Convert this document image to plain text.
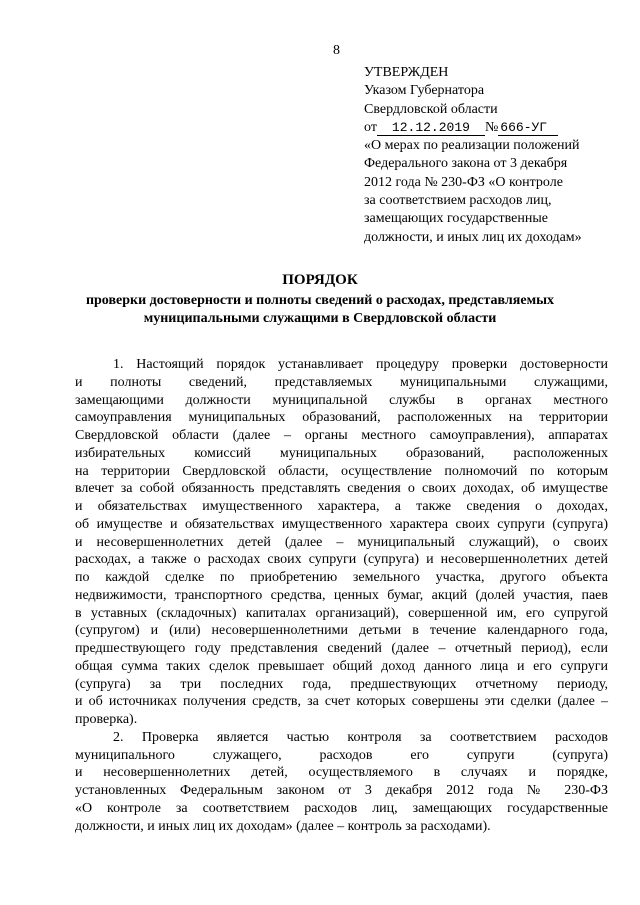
8
УТВЕРЖДЕН
Указом Губернатора
Свердловской области
от 12.12.2019 № 666-УГ
«О мерах по реализации положений
Федерального закона от 3 декабря
2012 года № 230-ФЗ «О контроле
за соответствием расходов лиц,
замещающих государственные
должности, и иных лиц их доходам»
ПОРЯДОК
проверки достоверности и полноты сведений о расходах, представляемых
муниципальными служащими в Свердловской области
1. Настоящий порядок устанавливает процедуру проверки достоверности
и полноты сведений, представляемых муниципальными служащими,
замещающими должности муниципальной службы в органах местного
самоуправления муниципальных образований, расположенных на территории
Свердловской области (далее – органы местного самоуправления), аппаратах
избирательных комиссий муниципальных образований, расположенных
на территории Свердловской области, осуществление полномочий по которым
влечет за собой обязанность представлять сведения о своих доходах, об имуществе
и обязательствах имущественного характера, а также сведения о доходах,
об имуществе и обязательствах имущественного характера своих супруги (супруга)
и несовершеннолетних детей (далее – муниципальный служащий), о своих
расходах, а также о расходах своих супруги (супруга) и несовершеннолетних детей
по каждой сделке по приобретению земельного участка, другого объекта
недвижимости, транспортного средства, ценных бумаг, акций (долей участия, паев
в уставных (складочных) капиталах организаций), совершенной им, его супругой
(супругом) и (или) несовершеннолетними детьми в течение календарного года,
предшествующего году представления сведений (далее – отчетный период), если
общая сумма таких сделок превышает общий доход данного лица и его супруги
(супруга) за три последних года, предшествующих отчетному периоду,
и об источниках получения средств, за счет которых совершены эти сделки (далее –
проверка).
2. Проверка является частью контроля за соответствием расходов
муниципального служащего, расходов его супруги (супруга)
и несовершеннолетних детей, осуществляемого в случаях и порядке,
установленных Федеральным законом от 3 декабря 2012 года № 230-ФЗ
«О контроле за соответствием расходов лиц, замещающих государственные
должности, и иных лиц их доходам» (далее – контроль за расходами).
